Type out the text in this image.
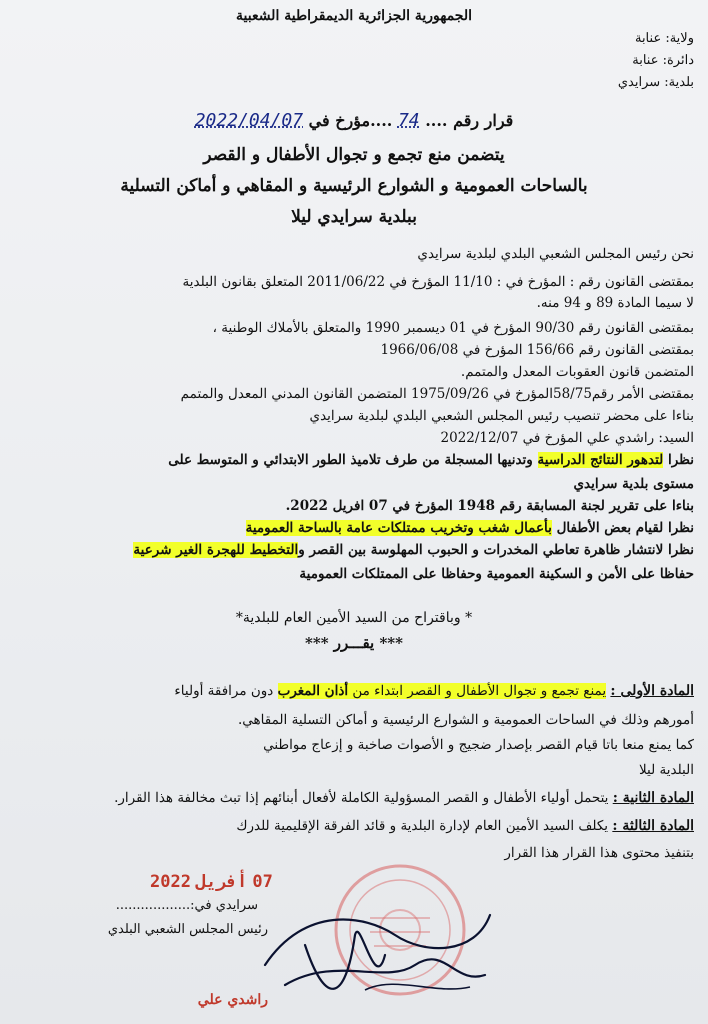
الجمهورية الجزائرية الديمقراطية الشعبية
ولاية: عنابة
دائرة: عنابة
بلدية: سرايدي
قرار رقم .... 74 ....مؤرخ في 2022/04/07
يتضمن منع تجمع و تجوال الأطفال و القصر
بالساحات العمومية و الشوارع الرئيسية و المقاهي و أماكن التسلية
ببلدية سرايدي ليلا
نحن رئيس المجلس الشعبي البلدي لبلدية سرايدي
بمقتضى القانون رقم : المؤرخ في : 11/10 المؤرخ في 2011/06/22 المتعلق بقانون البلدية
لا سيما المادة 89 و 94 منه.
بمقتضى القانون رقم 90/30 المؤرخ في 01 ديسمبر 1990 والمتعلق بالأملاك الوطنية ،
بمقتضى القانون رقم 156/66 المؤرخ في 1966/06/08
المتضمن قانون العقوبات المعدل والمتمم.
بمقتضى الأمر رقم58/75المؤرخ في 1975/09/26 المتضمن القانون المدني المعدل والمتمم
بناءا على محضر تنصيب رئيس المجلس الشعبي البلدي لبلدية سرايدي
السيد: راشدي علي المؤرخ في 2022/12/07
نظرا لتدهور النتائج الدراسية وتدنيها المسجلة من طرف تلاميذ الطور الابتدائي و المتوسط على
مستوى بلدية سرايدي
بناءا على تقرير لجنة المسابقة رقم 1948 المؤرخ في 07 افريل 2022.
نظرا لقيام بعض الأطفال بأعمال شغب وتخريب ممتلكات عامة بالساحة العمومية
نظرا لانتشار ظاهرة تعاطي المخدرات و الحبوب المهلوسة بين القصر والتخطيط للهجرة الغير شرعية
حفاظا على الأمن و السكينة العمومية وحفاظا على الممتلكات العمومية
* وباقتراح من السيد الأمين العام للبلدية*
*** يقـــرر ***
المادة الأولى : يمنع تجمع و تجوال الأطفال و القصر ابتداء من أذان المغرب دون مرافقة أولياء
أمورهم وذلك في الساحات العمومية و الشوارع الرئيسية و أماكن التسلية المقاهي.
كما يمنع منعا باتا قيام القصر بإصدار ضجيج و الأصوات صاخبة و إزعاج مواطني
البلدية ليلا
المادة الثانية : يتحمل أولياء الأطفال و القصر المسؤولية الكاملة لأفعال أبنائهم إذا تبث مخالفة هذا القرار.
المادة الثالثة : يكلف السيد الأمين العام لإدارة البلدية و قائد الفرقة الإقليمية للدرك
بتنفيذ محتوى هذا القرار هذا القرار
07 أفريل 2022
سرايدي في:..................
رئيس المجلس الشعبي البلدي
راشدي علي
